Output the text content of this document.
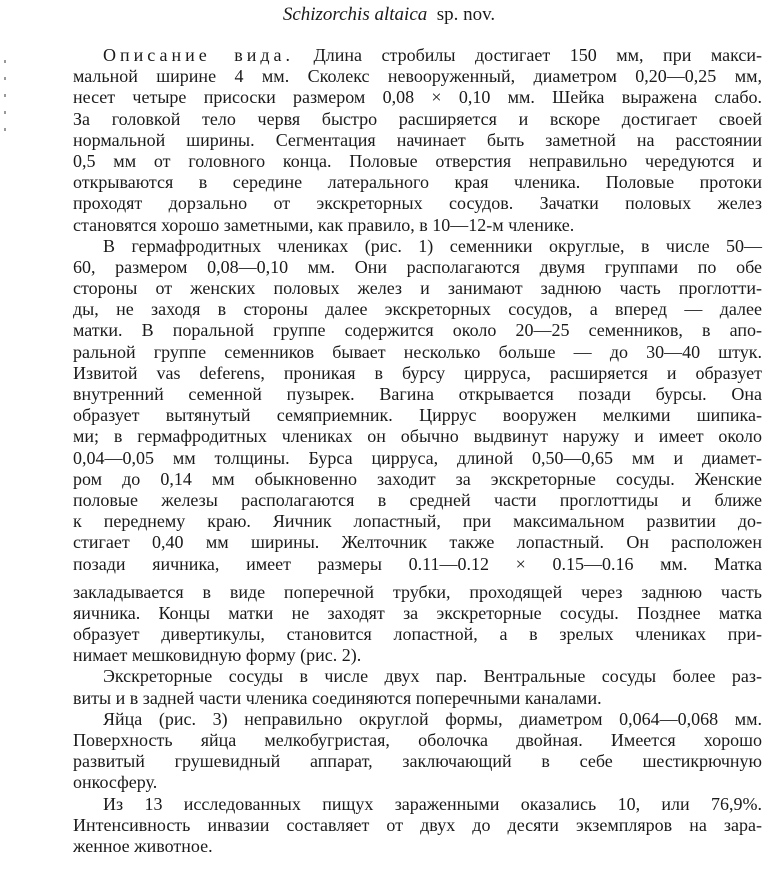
Schizorchis altaica sp. nov.
Описание вида. Длина стробилы достигает 150 мм, при макси-
мальной ширине 4 мм. Сколекс невооруженный, диаметром 0,20—0,25 мм,
несет четыре присоски размером 0,08 × 0,10 мм. Шейка выражена слабо.
За головкой тело червя быстро расширяется и вскоре достигает своей
нормальной ширины. Сегментация начинает быть заметной на расстоянии
0,5 мм от головного конца. Половые отверстия неправильно чередуются и
открываются в середине латерального края членика. Половые протоки
проходят дорзально от экскреторных сосудов. Зачатки половых желез
становятся хорошо заметными, как правило, в 10—12-м членике.
В гермафродитных члениках (рис. 1) семенники округлые, в числе 50—
60, размером 0,08—0,10 мм. Они располагаются двумя группами по обе
стороны от женских половых желез и занимают заднюю часть проглотти-
ды, не заходя в стороны далее экскреторных сосудов, а вперед — далее
матки. В поральной группе содержится около 20—25 семенников, в апо-
ральной группе семенников бывает несколько больше — до 30—40 штук.
Извитой vas deferens, проникая в бурсу цирруса, расширяется и образует
внутренний семенной пузырек. Вагина открывается позади бурсы. Она
образует вытянутый семяприемник. Циррус вооружен мелкими шипика-
ми; в гермафродитных члениках он обычно выдвинут наружу и имеет около
0,04—0,05 мм толщины. Бурса цирруса, длиной 0,50—0,65 мм и диамет-
ром до 0,14 мм обыкновенно заходит за экскреторные сосуды. Женские
половые железы располагаются в средней части проглоттиды и ближе
к переднему краю. Яичник лопастный, при максимальном развитии до-
стигает 0,40 мм ширины. Желточник также лопастный. Он расположен
позади яичника, имеет размеры 0.11—0.12 × 0.15—0.16 мм. Матка
закладывается в виде поперечной трубки, проходящей через заднюю часть
яичника. Концы матки не заходят за экскреторные сосуды. Позднее матка
образует дивертикулы, становится лопастной, а в зрелых члениках при-
нимает мешковидную форму (рис. 2).
Экскреторные сосуды в числе двух пар. Вентральные сосуды более раз-
виты и в задней части членика соединяются поперечными каналами.
Яйца (рис. 3) неправильно округлой формы, диаметром 0,064—0,068 мм.
Поверхность яйца мелкобугристая, оболочка двойная. Имеется хорошо
развитый грушевидный аппарат, заключающий в себе шестикрючную
онкосферу.
Из 13 исследованных пищух зараженными оказались 10, или 76,9%.
Интенсивность инвазии составляет от двух до десяти экземпляров на зара-
женное животное.
